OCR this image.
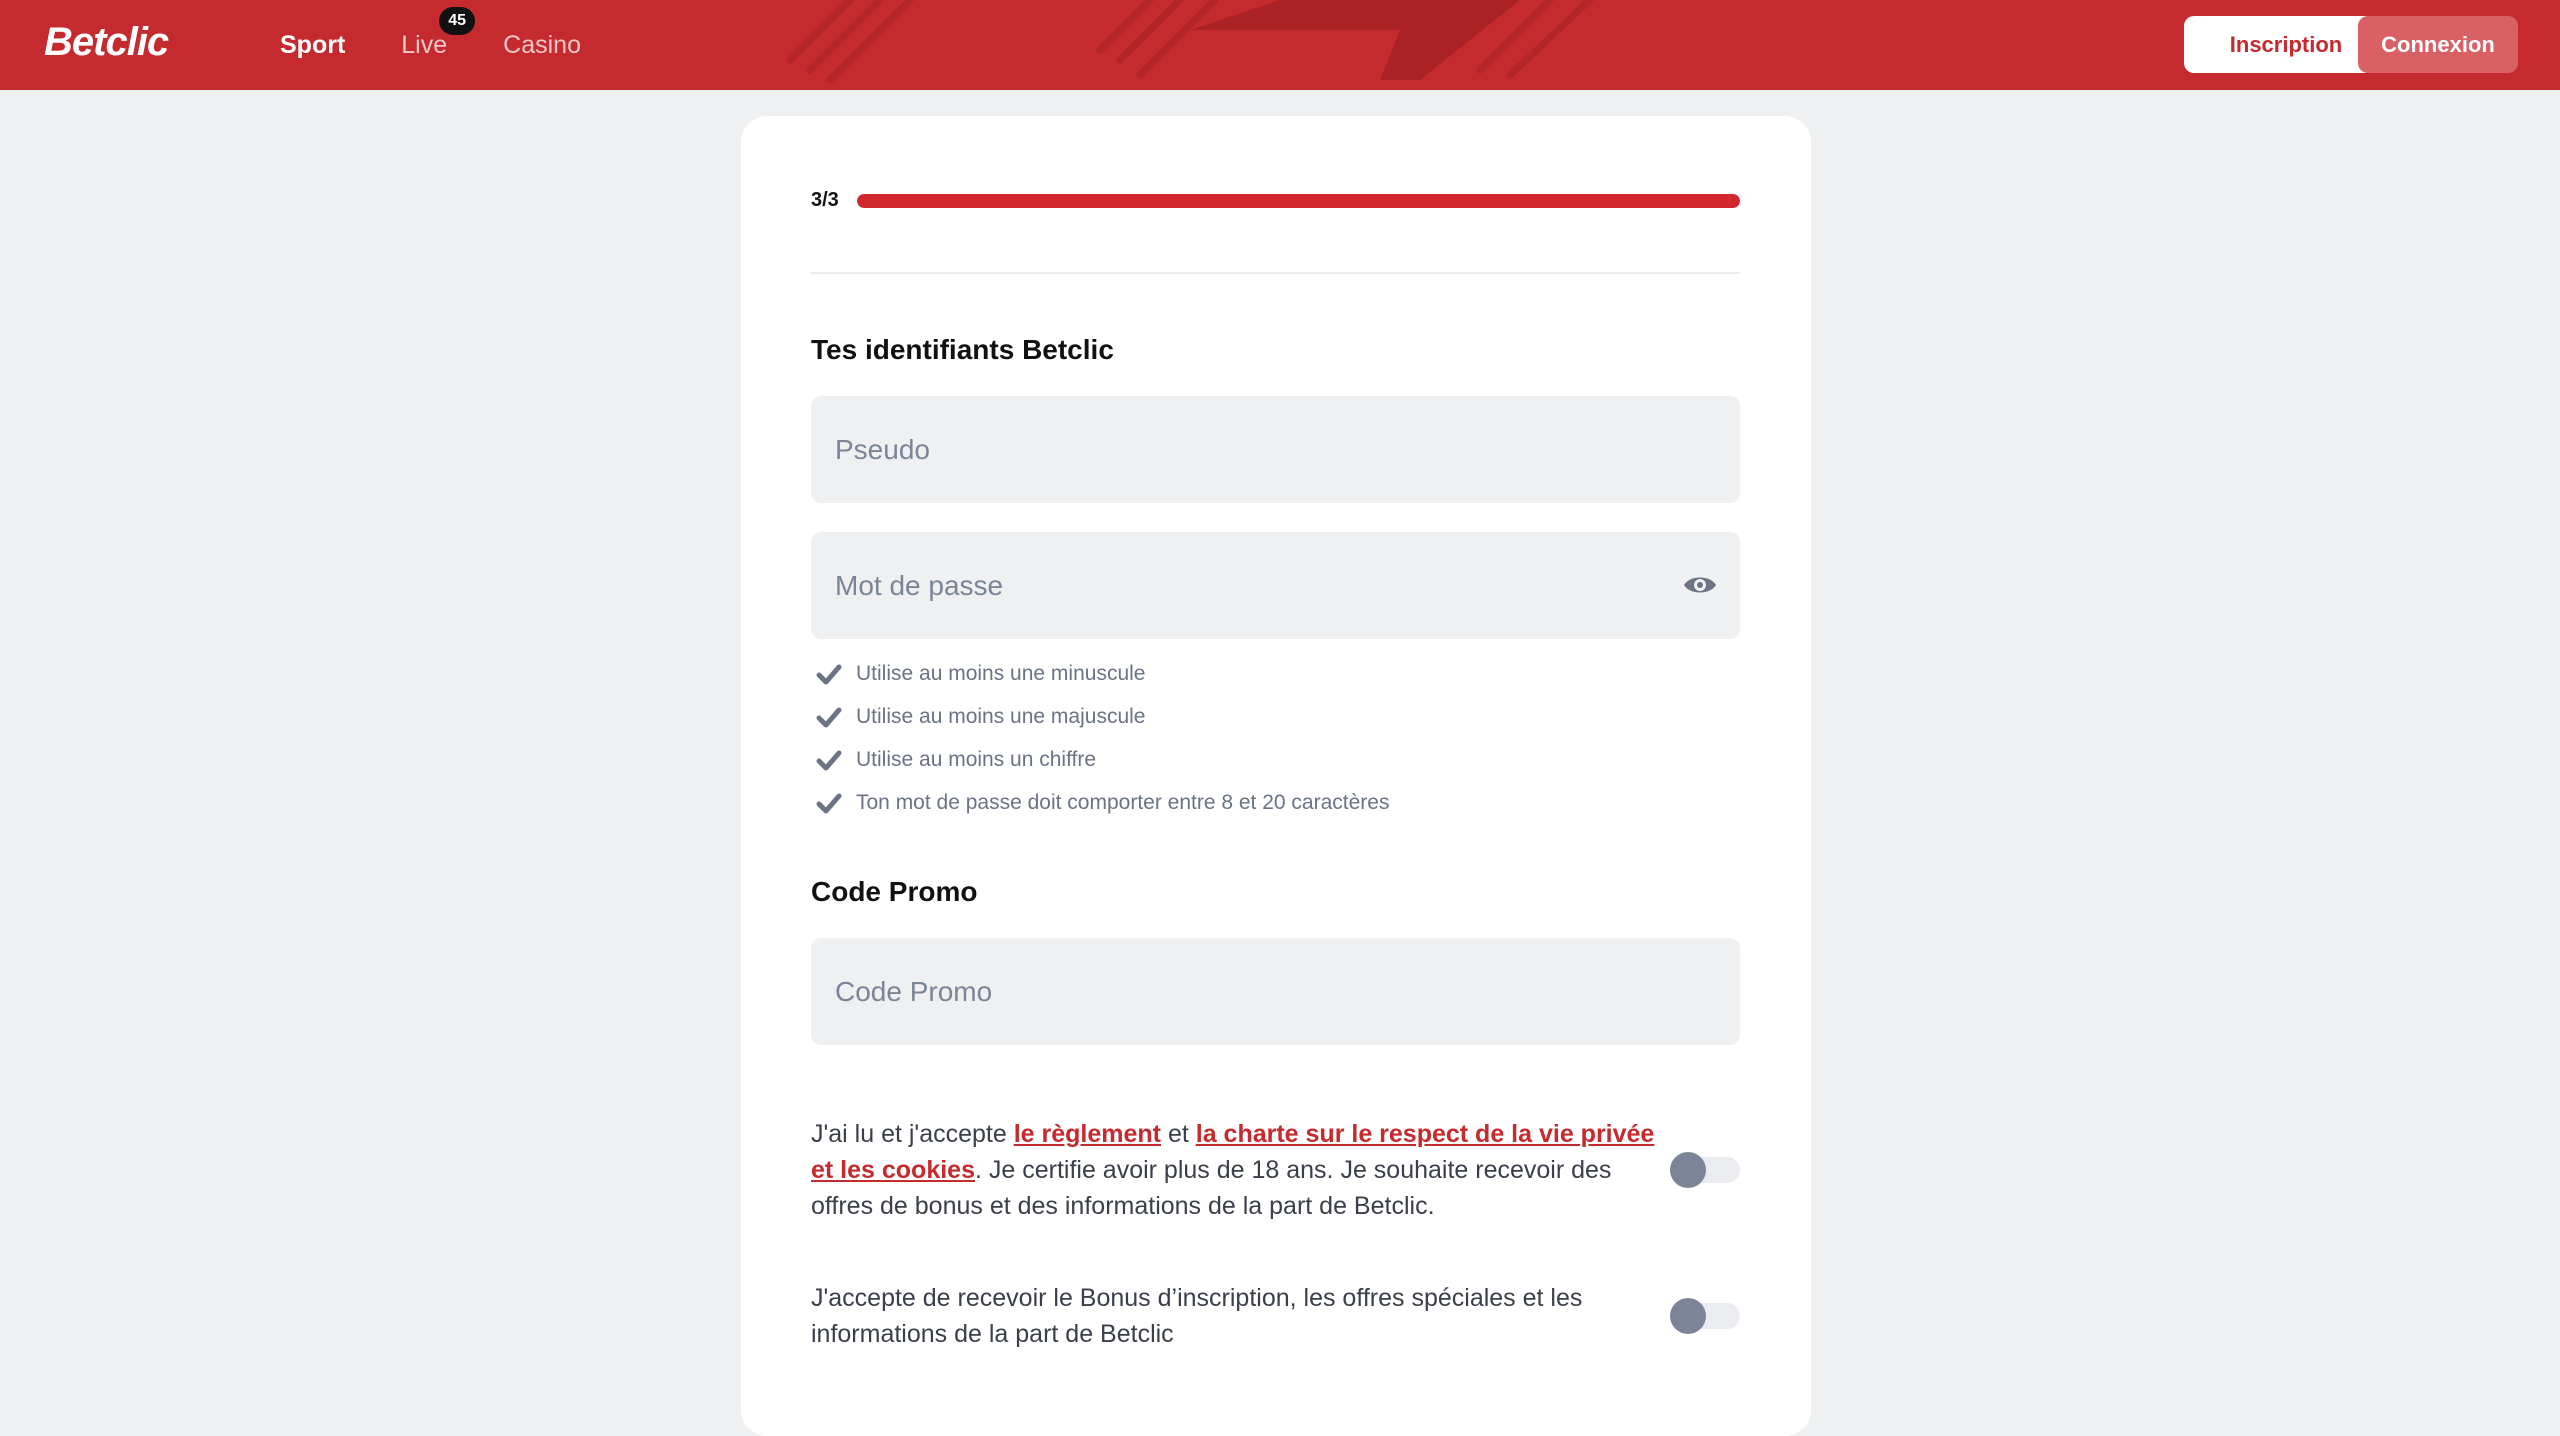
Betclic	Sport Live
45
Casino	Inscription	Connexion
3/3
Tes identifiants Betclic
Pseudo
Utilise au moins une minuscule
Utilise au moins une majuscule
Utilise au moins un chiffre
Ton mot de passe doit comporter entre 8 et 20 caractères
Code Promo
Code Promo
J'ai lu et j'accepte le règlement et la charte sur le respect de la vie privée et les cookies. Je certifie avoir plus de 18 ans. Je souhaite recevoir des offres de bonus et des informations de la part de Betclic.
J'accepte de recevoir le Bonus d’inscription, les offres spéciales et les informations de la part de Betclic
